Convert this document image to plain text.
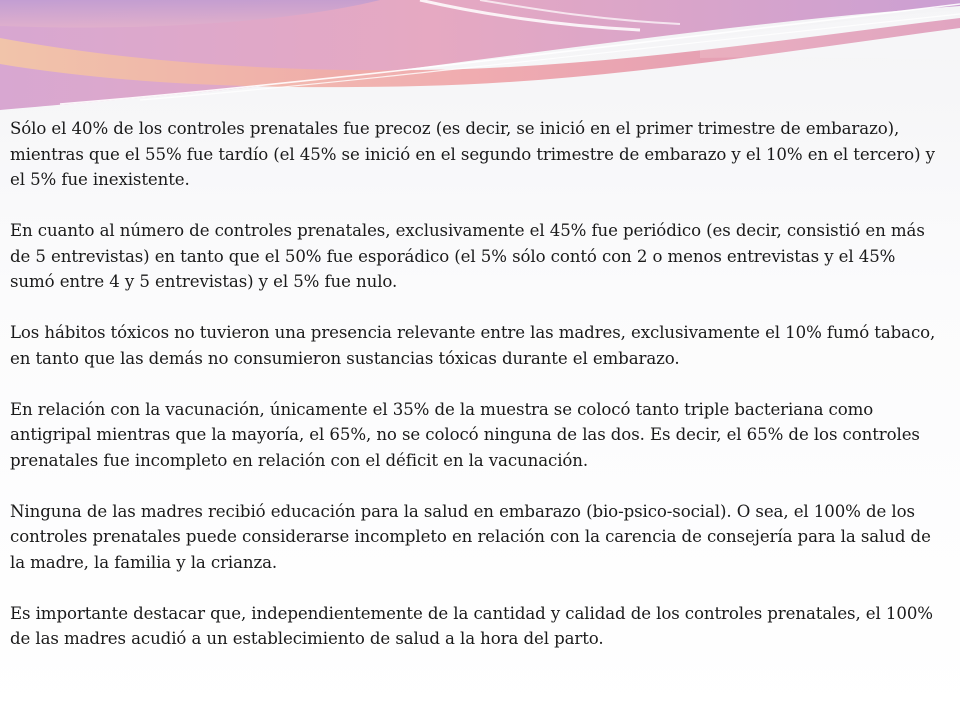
Sólo el 40% de los controles prenatales fue precoz (es decir, se inició en el primer trimestre de embarazo), mientras que el 55% fue tardío (el 45% se inició en el segundo trimestre de embarazo y el 10% en el tercero) y el 5% fue inexistente.

En cuanto al número de controles prenatales, exclusivamente el 45% fue periódico (es decir, consistió en más de 5 entrevistas) en tanto que el 50% fue esporádico (el 5% sólo contó con 2 o menos entrevistas y el 45% sumó entre 4 y 5 entrevistas) y el 5% fue nulo.

Los hábitos tóxicos no tuvieron una presencia relevante entre las madres, exclusivamente el 10% fumó tabaco, en tanto que las demás no consumieron sustancias tóxicas durante el embarazo.

En relación con la vacunación, únicamente el 35% de la muestra se colocó tanto triple bacteriana como antigripal mientras que la mayoría, el 65%, no se colocó ninguna de las dos. Es decir, el 65% de los controles prenatales fue incompleto en relación con el déficit en la vacunación.

Ninguna de las madres recibió educación para la salud en embarazo (bio-psico-social). O sea, el 100% de los controles prenatales puede considerarse incompleto en relación con la carencia de consejería para la salud de la madre, la familia y la crianza.

Es importante destacar que, independientemente de la cantidad y calidad de los controles prenatales, el 100% de las madres acudió a un establecimiento de salud a la hora del parto.
